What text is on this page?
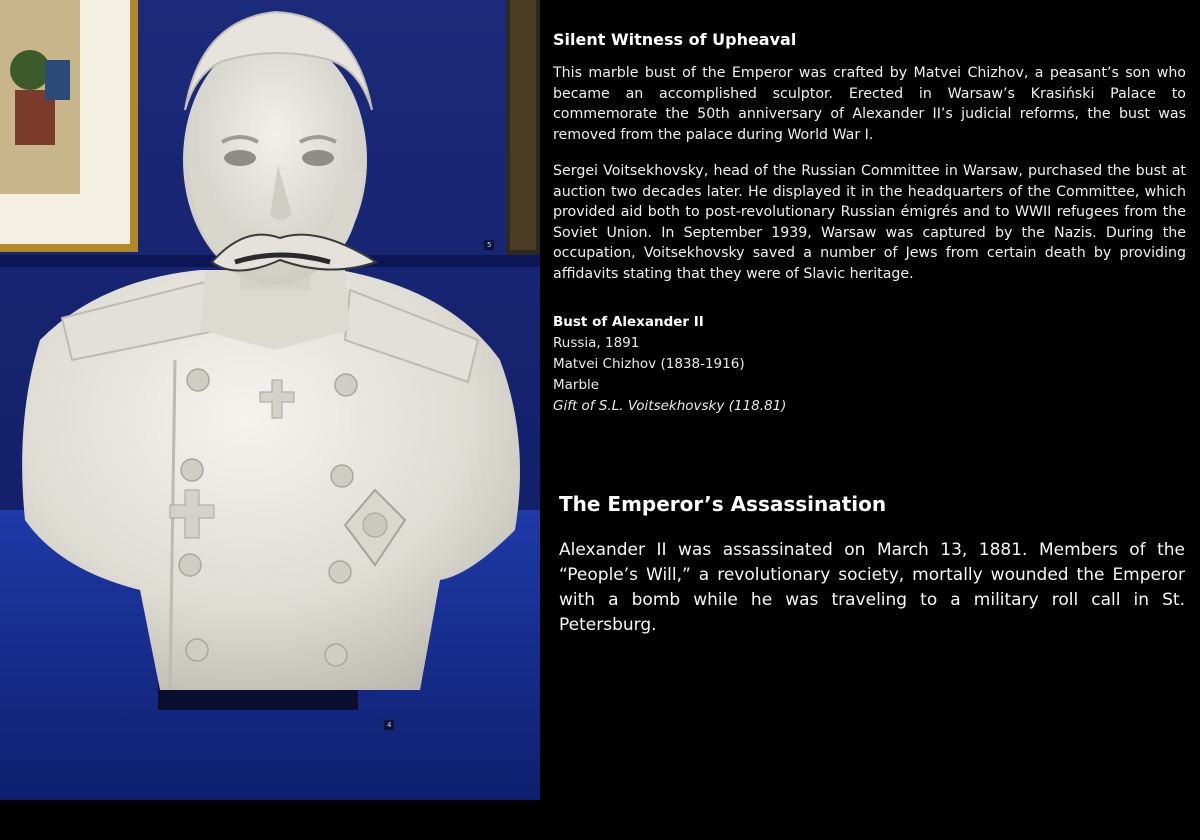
5
4
Silent Witness of Upheaval

This marble bust of the Emperor was crafted by Matvei Chizhov, a peasant’s son who became an accomplished sculptor. Erected in Warsaw’s Krasiński Palace to commemorate the 50th anniversary of Alexander II’s judicial reforms, the bust was removed from the palace during World War I.

Sergei Voitsekhovsky, head of the Russian Committee in Warsaw, purchased the bust at auction two decades later. He displayed it in the headquarters of the Committee, which provided aid both to post-revolutionary Russian émigrés and to WWII refugees from the Soviet Union. In September 1939, Warsaw was captured by the Nazis. During the occupation, Voitsekhovsky saved a number of Jews from certain death by providing affidavits stating that they were of Slavic heritage.

Bust of Alexander II
Russia, 1891
Matvei Chizhov (1838-1916)
Marble
Gift of S.L. Voitsekhovsky (118.81)
The Emperor’s Assassination

Alexander II was assassinated on March 13, 1881. Members of the “People’s Will,” a revolutionary society, mortally wounded the Emperor with a bomb while he was traveling to a military roll call in St. Petersburg.
